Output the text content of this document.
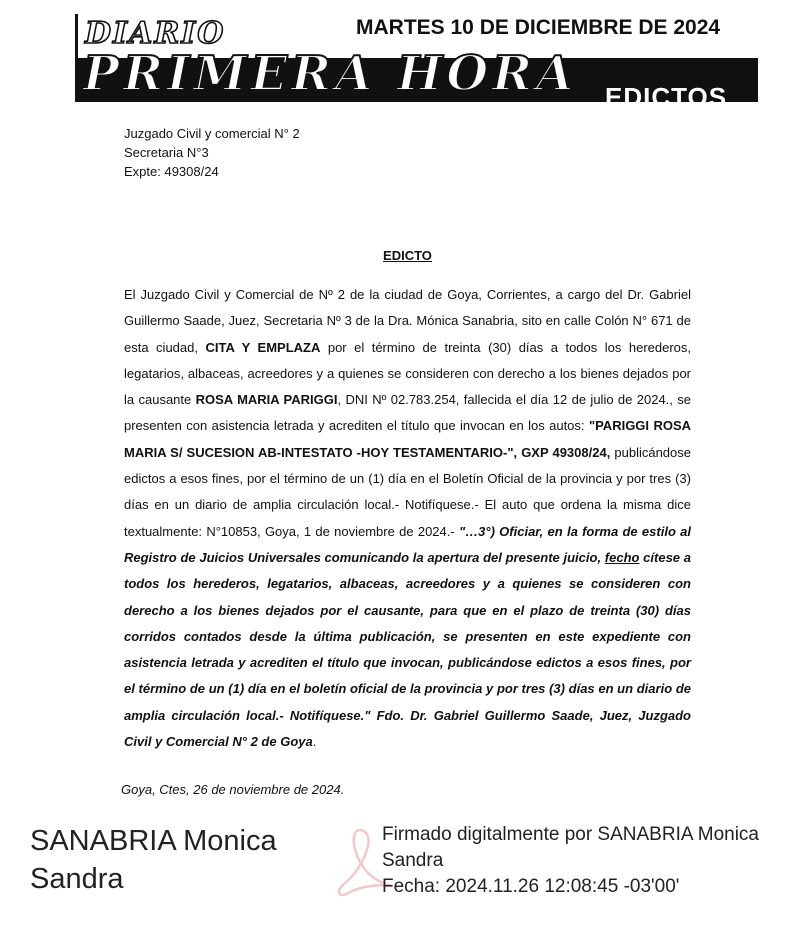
DIARIO
PRIMERA HORA EDICTOS
MARTES 10 DE DICIEMBRE DE 2024
Juzgado Civil y comercial N° 2
Secretaria N°3
Expte: 49308/24
EDICTO

El Juzgado Civil y Comercial de Nº 2 de la ciudad de Goya, Corrientes, a cargo del Dr. Gabriel Guillermo Saade, Juez, Secretaria Nº 3 de la Dra. Mónica Sanabria, sito en calle Colón N° 671 de esta ciudad, CITA Y EMPLAZA por el término de treinta (30) días a todos los herederos, legatarios, albaceas, acreedores y a quienes se consideren con derecho a los bienes dejados por la causante ROSA MARIA PARIGGI, DNI Nº 02.783.254, fallecida el día 12 de julio de 2024., se presenten con asistencia letrada y acrediten el título que invocan en los autos: "PARIGGI ROSA MARIA S/ SUCESION AB-INTESTATO -HOY TESTAMENTARIO-", GXP 49308/24, publicándose edictos a esos fines, por el término de un (1) día en el Boletín Oficial de la provincia y por tres (3) días en un diario de amplia circulación local.- Notifíquese.- El auto que ordena la misma dice textualmente: N°10853, Goya, 1 de noviembre de 2024.- "…3°) Oficiar, en la forma de estilo al Registro de Juicios Universales comunicando la apertura del presente juicio, fecho cítese a todos los herederos, legatarios, albaceas, acreedores y a quienes se consideren con derecho a los bienes dejados por el causante, para que en el plazo de treinta (30) días corridos contados desde la última publicación, se presenten en este expediente con asistencia letrada y acrediten el título que invocan, publicándose edictos a esos fines, por el término de un (1) día en el boletín oficial de la provincia y por tres (3) días en un diario de amplia circulación local.- Notifíquese." Fdo. Dr. Gabriel Guillermo Saade, Juez, Juzgado Civil y Comercial N° 2 de Goya.

Goya, Ctes, 26 de noviembre de 2024.
SANABRIA Monica Sandra
Firmado digitalmente por SANABRIA Monica Sandra
Fecha: 2024.11.26 12:08:45 -03'00'
